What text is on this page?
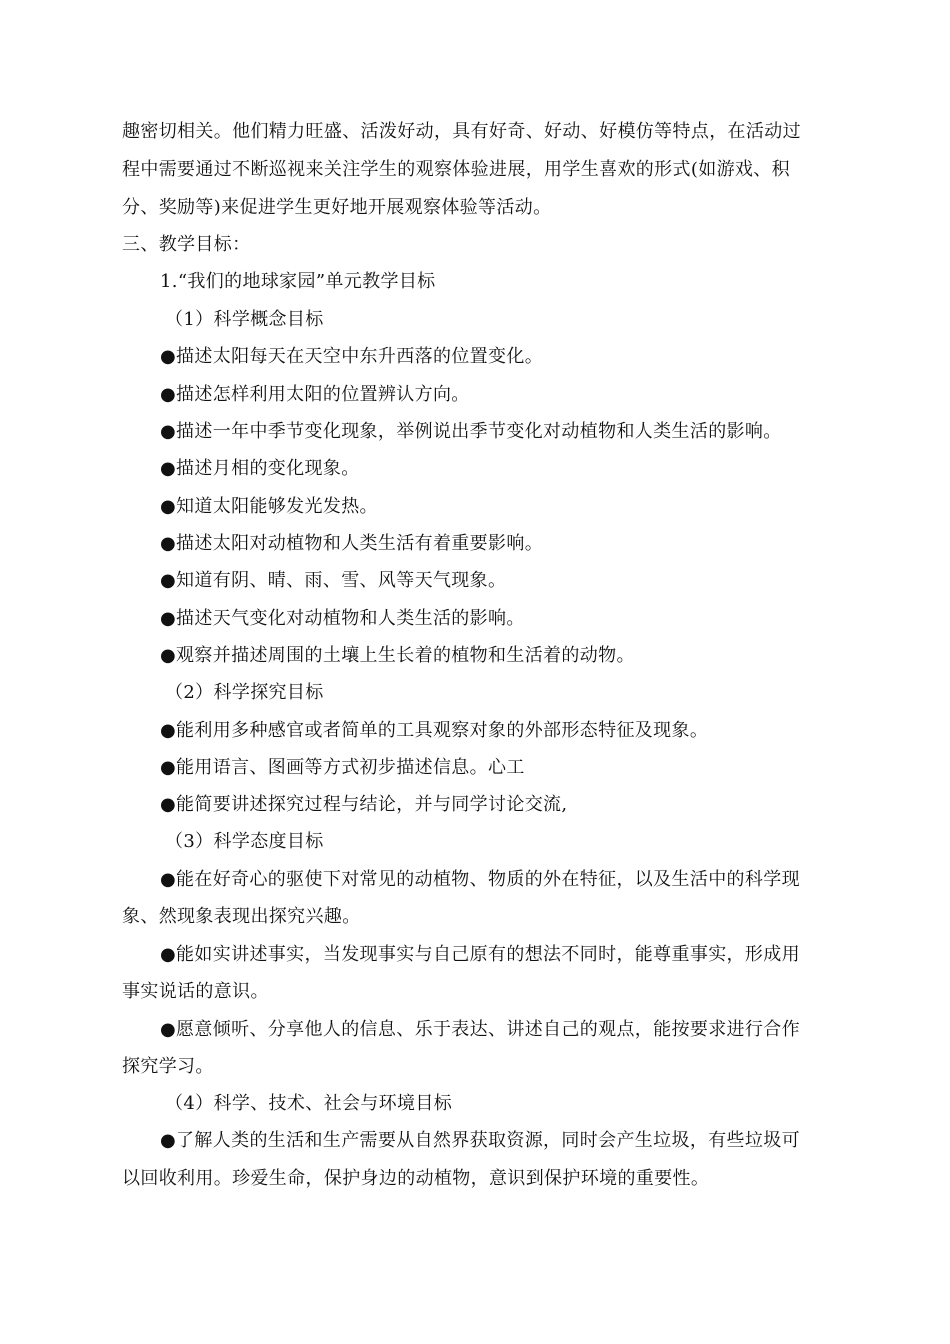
趣密切相关。他们精力旺盛、活泼好动，具有好奇、好动、好模仿等特点，在活动过
程中需要通过不断巡视来关注学生的观察体验进展，用学生喜欢的形式(如游戏、积
分、奖励等)来促进学生更好地开展观察体验等活动。
三、教学目标：
1.“我们的地球家园”单元教学目标
（1）科学概念目标
●描述太阳每天在天空中东升西落的位置变化。
●描述怎样利用太阳的位置辨认方向。
●描述一年中季节变化现象，举例说出季节变化对动植物和人类生活的影响。
●描述月相的变化现象。
●知道太阳能够发光发热。
●描述太阳对动植物和人类生活有着重要影响。
●知道有阴、晴、雨、雪、风等天气现象。
●描述天气变化对动植物和人类生活的影响。
●观察并描述周围的土壤上生长着的植物和生活着的动物。
（2）科学探究目标
●能利用多种感官或者简单的工具观察对象的外部形态特征及现象。
●能用语言、图画等方式初步描述信息。心工
●能简要讲述探究过程与结论，并与同学讨论交流,
（3）科学态度目标
●能在好奇心的驱使下对常见的动植物、物质的外在特征，以及生活中的科学现
象、然现象表现出探究兴趣。
●能如实讲述事实，当发现事实与自己原有的想法不同时，能尊重事实，形成用
事实说话的意识。
●愿意倾听、分享他人的信息、乐于表达、讲述自己的观点，能按要求进行合作
探究学习。
（4）科学、技术、社会与环境目标
●了解人类的生活和生产需要从自然界获取资源，同时会产生垃圾，有些垃圾可
以回收利用。珍爱生命，保护身边的动植物，意识到保护环境的重要性。
